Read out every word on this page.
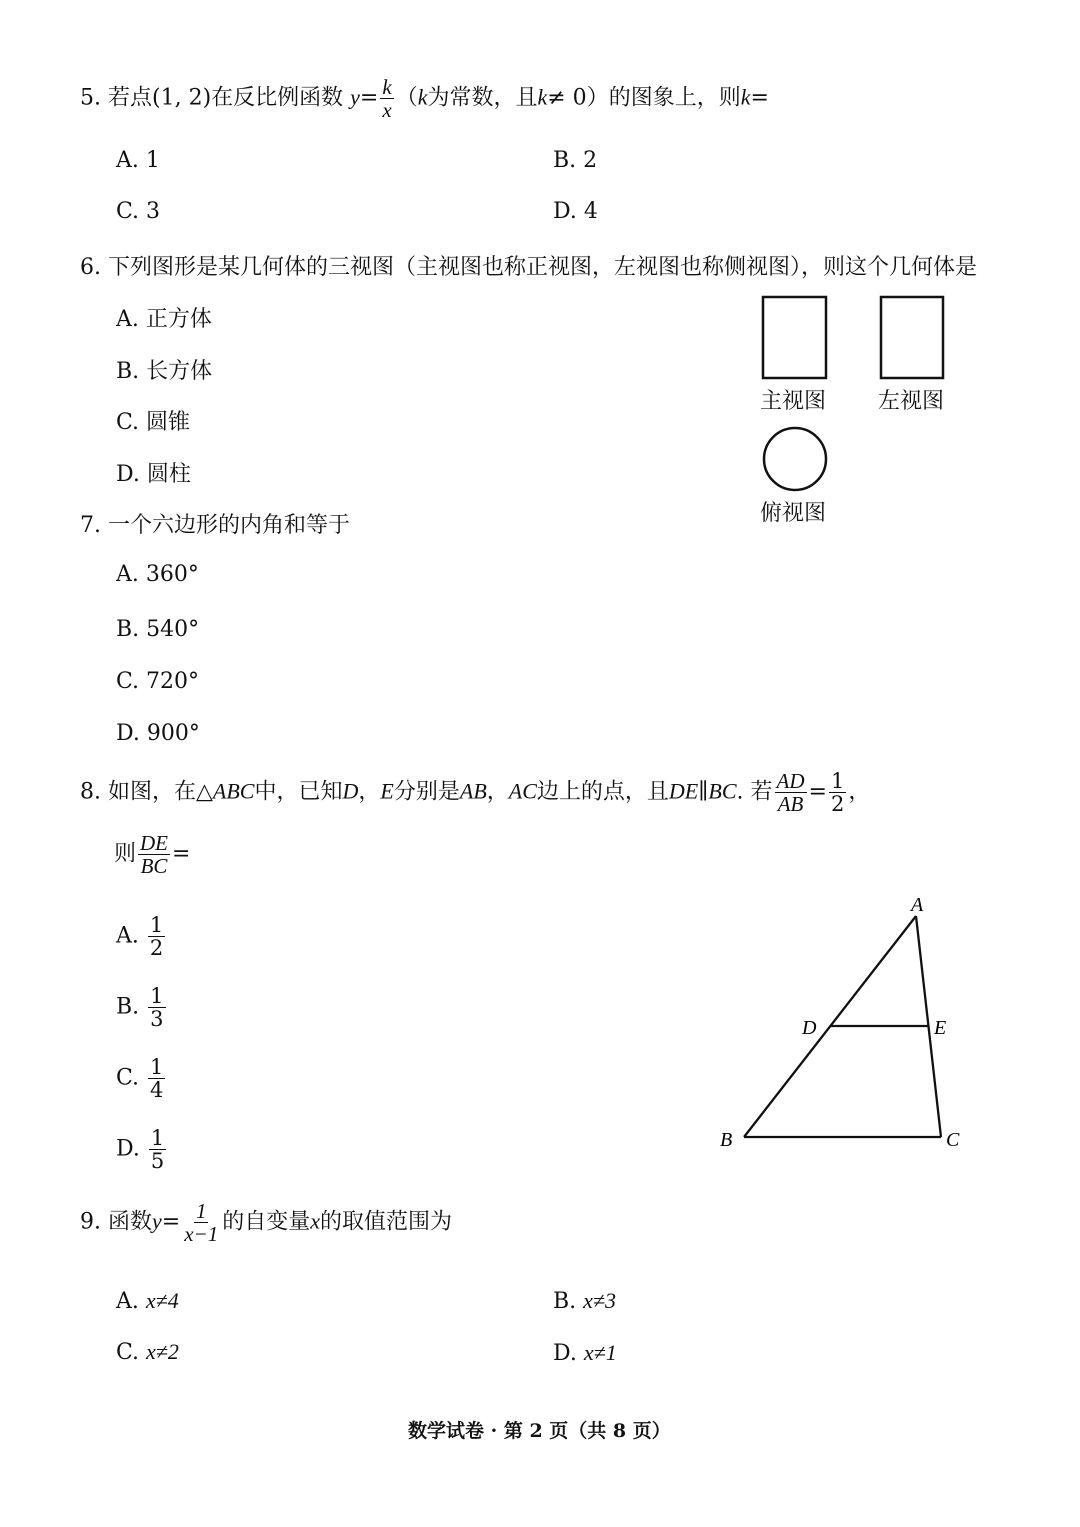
5. 若点(1, 2)在反比例函数 $y= \frac{k}{x} (k$为常数，且k≠ 0）的图象上，则k=
A. 1	B. 2
C. 3	D. 4
6. 下列图形是某几何体的三视图（主视图也称正视图，左视图也称侧视图），则这个几何体是
A. 正方体
B. 长方体
C. 圆锥
D. 圆柱
主视图 左视图
俯视图
7. 一个六边形的内角和等于
A. 360°
B. 540°
C. 720°
D. 900°
8. 如图，在△ABC中，已知D，E分别是AB，AC边上的点，且DE∥BC. 若 $\frac{AD}{AB} = \frac{1}{2}$ ，
则 $\frac{DE}{BC}$ =
A. $\frac{1}{2}$
B. $\frac{1}{3}$
C. $\frac{1}{4}$
D. $\frac{1}{5}$
A
D	E
B	C
9. 函数$y= \frac{1}{x-1}$ 的自变量x的取值范围为
A. x≠4	B. x≠3
C. x≠2	D. x≠1
数学试卷 · 第 2 页（共 8 页）
